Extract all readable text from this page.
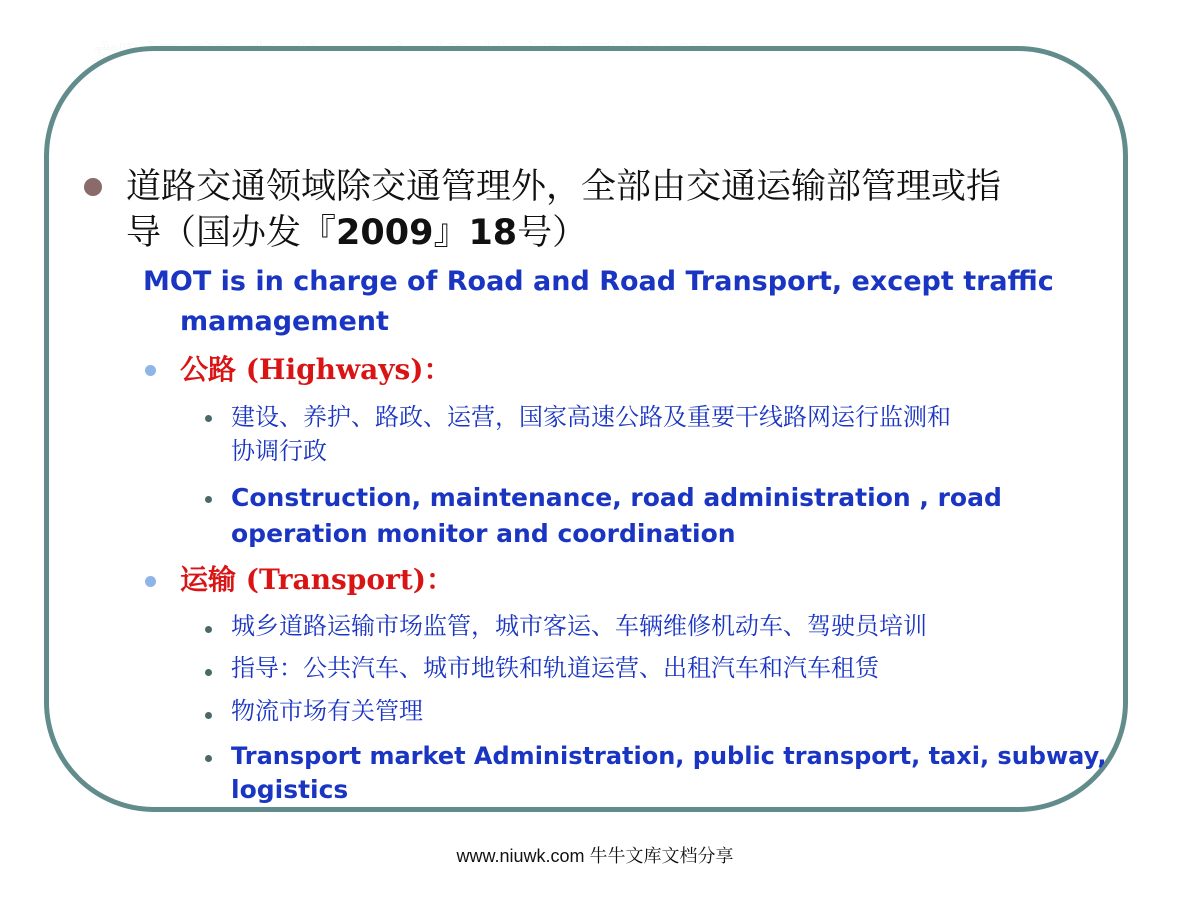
道路交通领域除交通管理外，全部由交通运输部管理或指
导（国办发『2009』18号）
MOT is in charge of Road and Road Transport, except traffic
mamagement
公路 (Highways)：
建设、养护、路政、运营，国家高速公路及重要干线路网运行监测和
协调行政
Construction, maintenance, road administration , road
operation monitor and coordination
运输 (Transport)：
城乡道路运输市场监管，城市客运、车辆维修机动车、驾驶员培训
指导：公共汽车、城市地铁和轨道运营、出租汽车和汽车租赁
物流市场有关管理
Transport market Administration, public transport, taxi, subway,
logistics
www.niuwk.com 牛牛文库文档分享
